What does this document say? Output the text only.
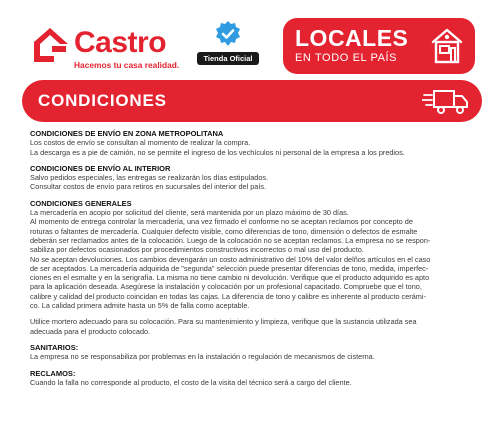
Castro
Hacemos tu casa realidad.
Tienda Oficial
LOCALES
EN TODO EL PAÍS
CONDICIONES
CONDICIONES DE ENVÍO EN ZONA METROPOLITANA
Los costos de envío se consultan al momento de realizar la compra.
La descarga es a pie de camión, no se permite el ingreso de los vechículos ni personal de la empresa a los predios.
CONDICIONES DE ENVÍO AL INTERIOR
Salvo pedidos especiales, las entregas se realizarán los días estipulados.
Consultar costos de envío para retiros en sucursales del interior del país.
CONDICIONES GENERALES
La mercadería en acopio por solicitud del cliente, será mantenida por un plazo máximo de 30 días.
Al momento de entrega controlar la mercadería, una vez firmado el conforme no se aceptan reclamos por concepto de
roturas o faltantes de mercadería. Cualquier defecto visible, como diferencias de tono, dimensión o defectos de esmalte
deberán ser reclamados antes de la colocación. Luego de la colocación no se aceptan reclamos. La empresa no se respon-
sabiliza por defectos ocasionados por procedimientos constructivos incorrectos o mal uso del producto.
No se aceptan devoluciones. Los cambios devengarán un costo administrativo del 10% del valor delños artículos en el caso
de ser aceptados. La mercadería adquirida de "segunda" selección puede presentar diferencias de tono, medida, imperfec-
ciones en el esmalte y en la serigrafía. La misma no tiene cambio ni devolución. Verifique que el producto adquirido es apto
para la aplicación deseada. Asegúrese la instalación y colocación por un profesional capacitado. Compruebe que el tono,
calibre y calidad del producto coincidan en todas las cajas. La diferencia de tono y calibre es inherente al producto cerámi-
co. La calidad primera admite hasta un 5% de falla como aceptable.
Utilice mortero adecuado para su colocación. Para su mantenimiento y limpieza, verifique que la sustancia utilizada sea
adecuada para el producto colocado.
SANITARIOS:
La empresa no se responsabiliza por problemas en la instalación o regulación de mecanismos de cisterna.
RECLAMOS:
Cuando la falla no corresponde al producto, el costo de la visita del técnico será a cargo del cliente.
